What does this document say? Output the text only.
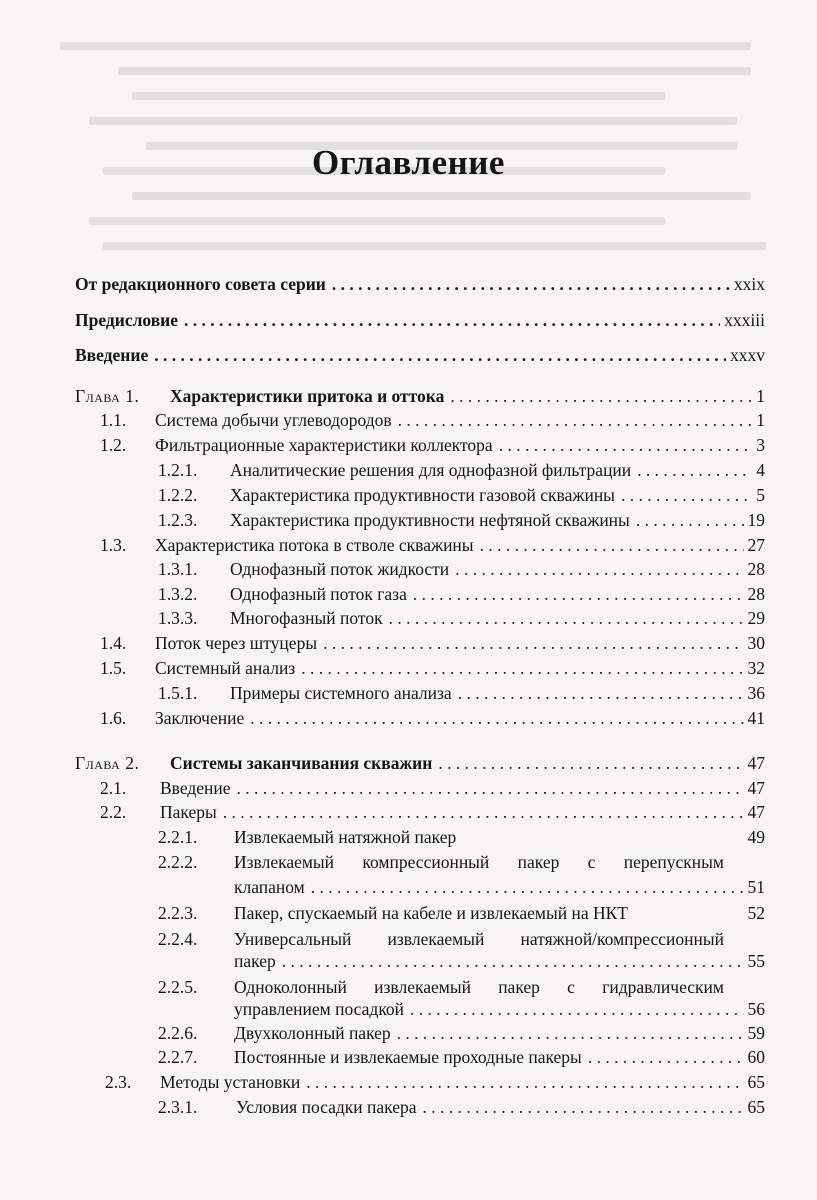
Оглавление
От редакционного совета серии . . .	xxix
Предисловие . . .	xxxiii
Введение . . .	xxxv
Глава 1.	Характеристики притока и оттока . . .	1
1.1.	Система добычи углеводородов . . .	1
1.2.	Фильтрационные характеристики коллектора . . .	3
1.2.1.	Аналитические решения для однофазной фильтрации . . .	4
1.2.2.	Характеристика продуктивности газовой скважины . . .	5
1.2.3.	Характеристика продуктивности нефтяной скважины . . .	19
1.3.	Характеристика потока в стволе скважины . . .	27
1.3.1.	Однофазный поток жидкости . . .	28
1.3.2.	Однофазный поток газа . . .	28
1.3.3.	Многофазный поток . . .	29
1.4.	Поток через штуцеры . . .	30
1.5.	Системный анализ . . .	32
1.5.1.	Примеры системного анализа . . .	36
1.6.	Заключение . . .	41
Глава 2.	Системы заканчивания скважин . . .	47
2.1.	Введение . . .	47
2.2.	Пакеры . . .	47
2.2.1.	Извлекаемый натяжной пакер	49
2.2.2. Извлекаемый компрессионный пакер с перепускным
клапаном . . .	51
2.2.3.	Пакер, спускаемый на кабеле и извлекаемый на НКТ	52
2.2.4. Универсальный извлекаемый натяжной/компрессионный
пакер . . .	55
2.2.5. Одноколонный извлекаемый пакер с гидравлическим
управлением посадкой . . .	56
2.2.6.	Двухколонный пакер . . .	59
2.2.7.	Постоянные и извлекаемые проходные пакеры . . .	60
2.3.	Методы установки . . .	65
2.3.1.	Условия посадки пакера . . .	65
